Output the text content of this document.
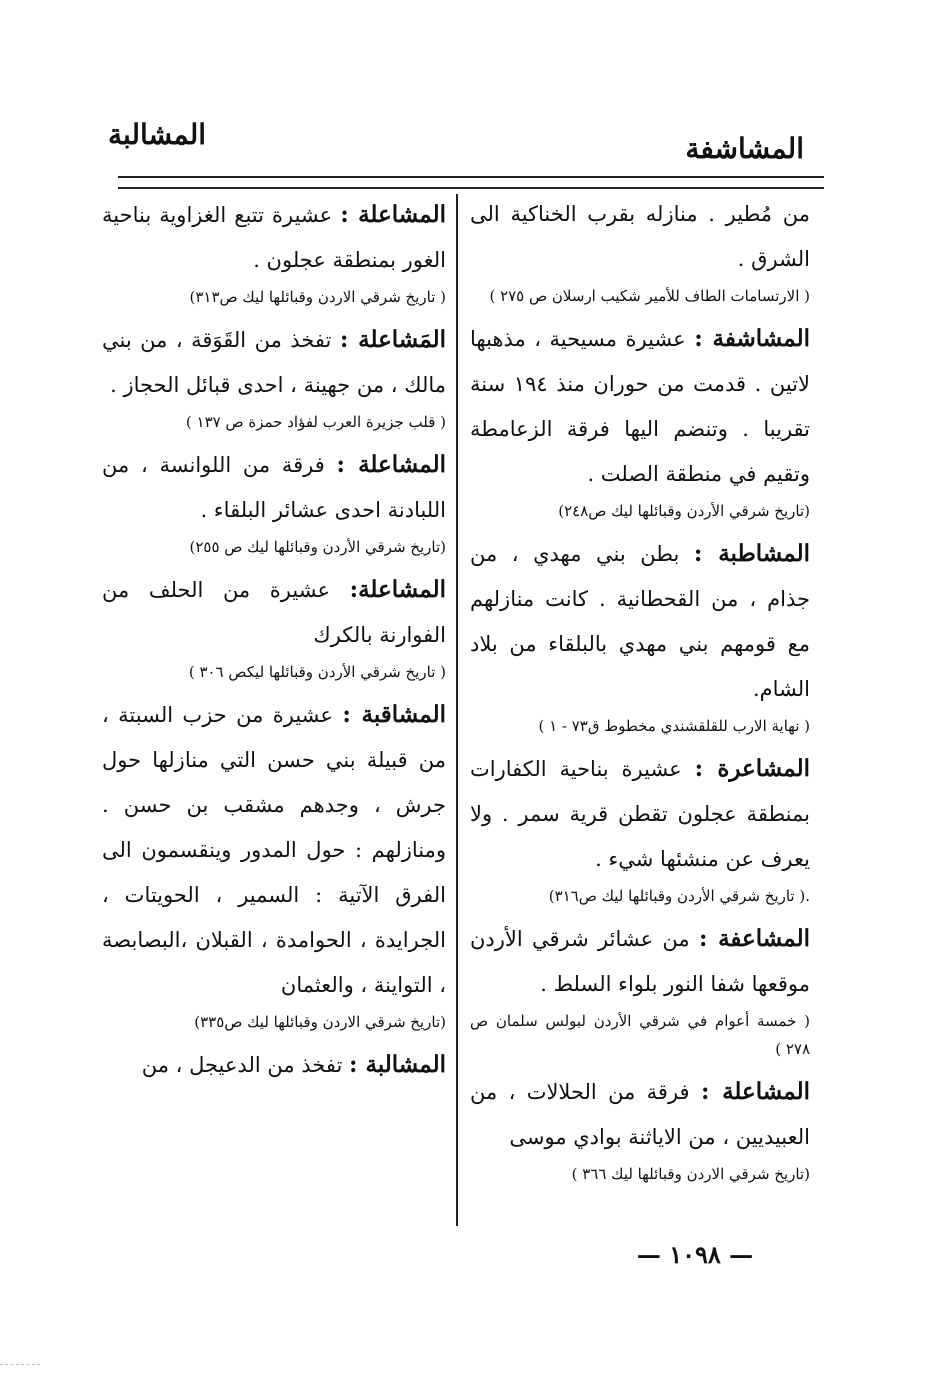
المشاشفة
المشالبة

من مُطير . منازله بقرب الخناكية الى الشرق .

( الارتسامات الطاف للأمير شكيب ارسلان ص ٢٧٥ )

المشاشفة : عشيرة مسيحية ، مذهبها لاتين . قدمت من حوران منذ ١٩٤ سنة تقريبا . وتنضم اليها فرقة الزعامطة وتقيم في منطقة الصلت .

(تاريخ شرقي الأردن وقبائلها ليك ص٢٤٨)

المشاطبة : بطن بني مهدي ، من جذام ، من القحطانية . كانت منازلهم مع قومهم بني مهدي بالبلقاء من بلاد الشام.

( نهاية الارب للقلقشندي مخطوط ق٧٣ - ١ )

المشاعرة : عشيرة بناحية الكفارات بمنطقة عجلون تقطن قرية سمر . ولا يعرف عن منشئها شيء .

.( تاريخ شرقي الأردن وقبائلها ليك ص٣١٦)

المشاعفة : من عشائر شرقي الأردن موقعها شفا النور بلواء السلط .

( خمسة أعوام في شرقي الأردن لبولس سلمان ص ٢٧٨ )

المشاعلة : فرقة من الحلالات ، من العبيديين ، من الاياثنة بوادي موسى

(تاريخ شرقي الاردن وقبائلها ليك ٣٦٦ )

المشاعلة : عشيرة تتبع الغزاوية بناحية الغور بمنطقة عجلون .

( تاريخ شرقي الاردن وقبائلها ليك ص٣١٣)

المَشاعلة : تفخذ من القَوَقة ، من بني مالك ، من جهينة ، احدى قبائل الحجاز .

( قلب جزيرة العرب لفؤاد حمزة ص ١٣٧ )

المشاعلة : فرقة من اللوانسة ، من اللبادنة احدى عشائر البلقاء .

(تاريخ شرقي الأردن وقبائلها ليك ص ٢٥٥)

المشاعلة: عشيرة من الحلف من الفوارنة بالكرك

( تاريخ شرقي الأردن وقبائلها ليكص ٣٠٦ )

المشاقبة : عشيرة من حزب السبتة ، من قبيلة بني حسن التي منازلها حول جرش ، وجدهم مشقب بن حسن . ومنازلهم : حول المدور وينقسمون الى الفرق الآتية : السمير ، الحويتات ، الجرايدة ، الحوامدة ، القبلان ،البصابصة ، التواينة ، والعثمان

(تاريخ شرقي الاردن وقبائلها ليك ص٣٣٥)

المشالبة : تفخذ من الدعيجل ، من

— ١٠٩٨ —
